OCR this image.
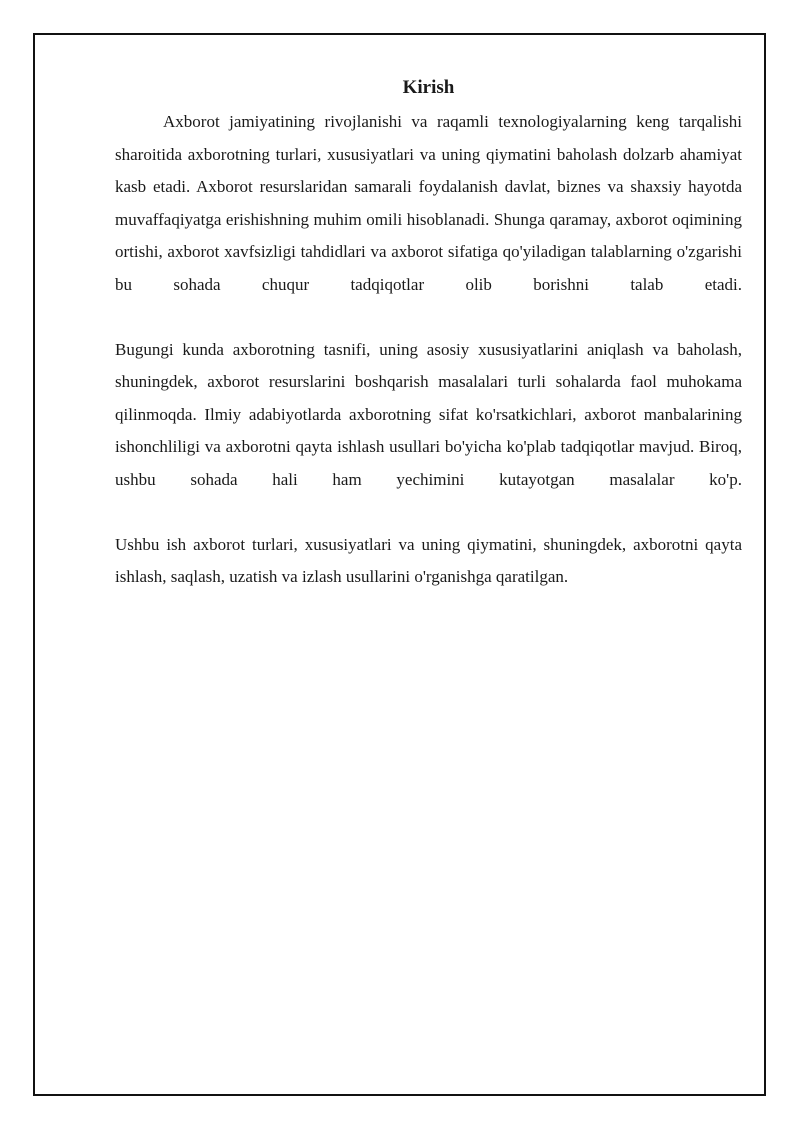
Kirish

Axborot jamiyatining rivojlanishi va raqamli texnologiyalarning keng tarqalishi sharoitida axborotning turlari, xususiyatlari va uning qiymatini baholash dolzarb ahamiyat kasb etadi. Axborot resurslaridan samarali foydalanish davlat, biznes va shaxsiy hayotda muvaffaqiyatga erishishning muhim omili hisoblanadi. Shunga qaramay, axborot oqimining ortishi, axborot xavfsizligi tahdidlari va axborot sifatiga qo'yiladigan talablarning o'zgarishi bu sohada chuqur tadqiqotlar olib borishni talab etadi.

Bugungi kunda axborotning tasnifi, uning asosiy xususiyatlarini aniqlash va baholash, shuningdek, axborot resurslarini boshqarish masalalari turli sohalarda faol muhokama qilinmoqda. Ilmiy adabiyotlarda axborotning sifat ko'rsatkichlari, axborot manbalarining ishonchliligi va axborotni qayta ishlash usullari bo'yicha ko'plab tadqiqotlar mavjud. Biroq, ushbu sohada hali ham yechimini kutayotgan masalalar ko'p.

Ushbu ish axborot turlari, xususiyatlari va uning qiymatini, shuningdek, axborotni qayta ishlash, saqlash, uzatish va izlash usullarini o'rganishga qaratilgan.
